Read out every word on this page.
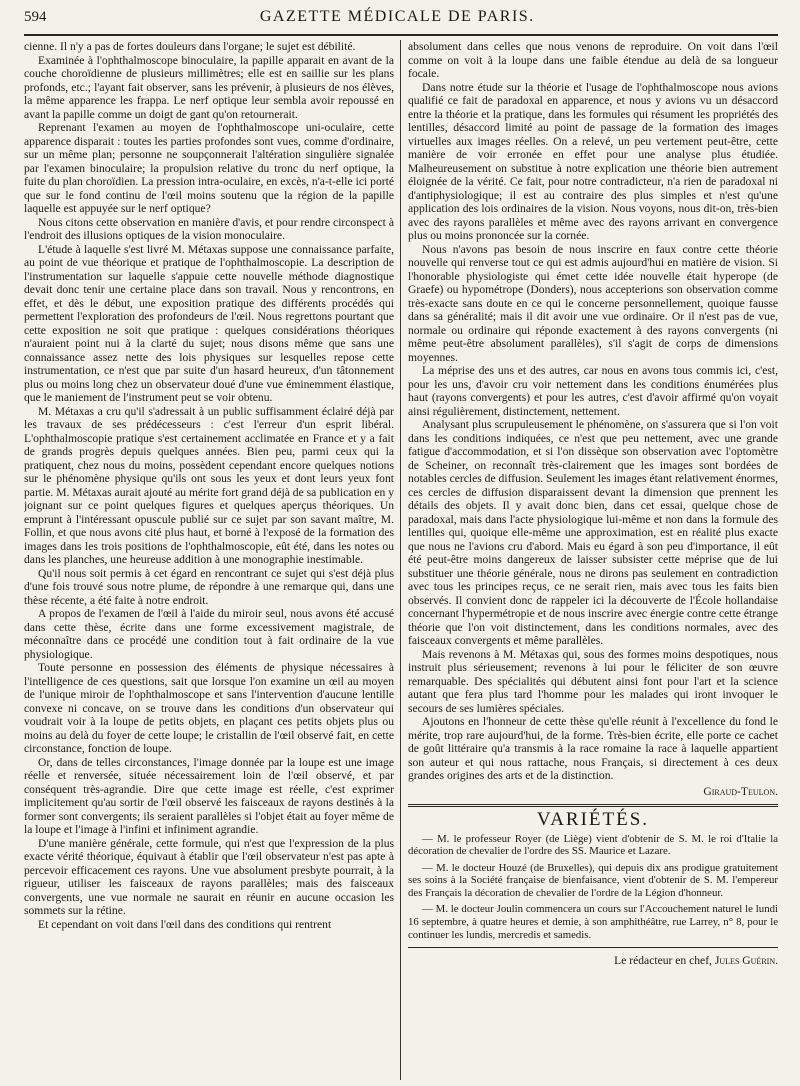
594	GAZETTE MÉDICALE DE PARIS.

cienne. Il n'y a pas de fortes douleurs dans l'organe; le sujet est débilité.

Examinée à l'ophthalmoscope binoculaire, la papille apparait en avant de la couche choroïdienne de plusieurs millimètres; elle est en saillie sur les plans profonds, etc.; l'ayant fait observer, sans les prévenir, à plusieurs de nos élèves, la même apparence les frappa. Le nerf optique leur sembla avoir repoussé en avant la papille comme un doigt de gant qu'on retournerait.

Reprenant l'examen au moyen de l'ophthalmoscope uni-oculaire, cette apparence disparait : toutes les parties profondes sont vues, comme d'ordinaire, sur un même plan; personne ne soupçonnerait l'altération singulière signalée par l'examen binoculaire; la propulsion relative du tronc du nerf optique, la fuite du plan choroïdien. La pression intra-oculaire, en excès, n'a-t-elle ici porté que sur le fond continu de l'œil moins soutenu que la région de la papille laquelle est appuyée sur le nerf optique?

Nous citons cette observation en manière d'avis, et pour rendre circonspect à l'endroit des illusions optiques de la vision monoculaire.

L'étude à laquelle s'est livré M. Métaxas suppose une connaissance parfaite, au point de vue théorique et pratique de l'ophthalmoscopie. La description de l'instrumentation sur laquelle s'appuie cette nouvelle méthode diagnostique devait donc tenir une certaine place dans son travail. Nous y rencontrons, en effet, et dès le début, une exposition pratique des différents procédés qui permettent l'exploration des profondeurs de l'œil. Nous regrettons pourtant que cette exposition ne soit que pratique : quelques considérations théoriques n'auraient point nui à la clarté du sujet; nous disons même que sans une connaissance assez nette des lois physiques sur lesquelles repose cette instrumentation, ce n'est que par suite d'un hasard heureux, d'un tâtonnement plus ou moins long chez un observateur doué d'une vue éminemment élastique, que le maniement de l'instrument peut se voir obtenu.

M. Métaxas a cru qu'il s'adressait à un public suffisamment éclairé déjà par les travaux de ses prédécesseurs : c'est l'erreur d'un esprit libéral. L'ophthalmoscopie pratique s'est certainement acclimatée en France et y a fait de grands progrès depuis quelques années. Bien peu, parmi ceux qui la pratiquent, chez nous du moins, possèdent cependant encore quelques notions sur le phénomène physique qu'ils ont sous les yeux et dont leurs yeux font partie. M. Métaxas aurait ajouté au mérite fort grand déjà de sa publication en y joignant sur ce point quelques figures et quelques aperçus théoriques. Un emprunt à l'intéressant opuscule publié sur ce sujet par son savant maître, M. Follin, et que nous avons cité plus haut, et borné à l'exposé de la formation des images dans les trois positions de l'ophthalmoscopie, eût été, dans les notes ou dans les planches, une heureuse addition à une monographie inestimable.

Qu'il nous soit permis à cet égard en rencontrant ce sujet qui s'est déjà plus d'une fois trouvé sous notre plume, de répondre à une remarque qui, dans une thèse récente, a été faite à notre endroit.

A propos de l'examen de l'œil à l'aide du miroir seul, nous avons été accusé dans cette thèse, écrite dans une forme excessivement magistrale, de méconnaître dans ce procédé une condition tout à fait ordinaire de la vue physiologique.

Toute personne en possession des éléments de physique nécessaires à l'intelligence de ces questions, sait que lorsque l'on examine un œil au moyen de l'unique miroir de l'ophthalmoscope et sans l'intervention d'aucune lentille convexe ni concave, on se trouve dans les conditions d'un observateur qui voudrait voir à la loupe de petits objets, en plaçant ces petits objets plus ou moins au delà du foyer de cette loupe; le cristallin de l'œil observé fait, en cette circonstance, fonction de loupe.

Or, dans de telles circonstances, l'image donnée par la loupe est une image réelle et renversée, située nécessairement loin de l'œil observé, et par conséquent très-agrandie. Dire que cette image est réelle, c'est exprimer implicitement qu'au sortir de l'œil observé les faisceaux de rayons destinés à la former sont convergents; ils seraient parallèles si l'objet était au foyer même de la loupe et l'image à l'infini et infiniment agrandie.

D'une manière générale, cette formule, qui n'est que l'expression de la plus exacte vérité théorique, équivaut à établir que l'œil observateur n'est pas apte à percevoir efficacement ces rayons. Une vue absolument presbyte pourrait, à la rigueur, utiliser les faisceaux de rayons parallèles; mais des faisceaux convergents, une vue normale ne saurait en réunir en aucune occasion les sommets sur la rétine.

Et cependant on voit dans l'œil dans des conditions qui rentrent

absolument dans celles que nous venons de reproduire. On voit dans l'œil comme on voit à la loupe dans une faible étendue au delà de sa longueur focale.

Dans notre étude sur la théorie et l'usage de l'ophthalmoscope nous avions qualifié ce fait de paradoxal en apparence, et nous y avions vu un désaccord entre la théorie et la pratique, dans les formules qui résument les propriétés des lentilles, désaccord limité au point de passage de la formation des images virtuelles aux images réelles. On a relevé, un peu vertement peut-être, cette manière de voir erronée en effet pour une analyse plus étudiée. Malheureusement on substitue à notre explication une théorie bien autrement éloignée de la vérité. Ce fait, pour notre contradicteur, n'a rien de paradoxal ni d'antiphysiologique; il est au contraire des plus simples et n'est qu'une application des lois ordinaires de la vision. Nous voyons, nous dit-on, très-bien avec des rayons parallèles et même avec des rayons arrivant en convergence plus ou moins prononcée sur la cornée.

Nous n'avons pas besoin de nous inscrire en faux contre cette théorie nouvelle qui renverse tout ce qui est admis aujourd'hui en matière de vision. Si l'honorable physiologiste qui émet cette idée nouvelle était hyperope (de Graefe) ou hypométrope (Donders), nous accepterions son observation comme très-exacte sans doute en ce qui le concerne personnellement, quoique fausse dans sa généralité; mais il dit avoir une vue ordinaire. Or il n'est pas de vue, normale ou ordinaire qui réponde exactement à des rayons convergents (ni même peut-être absolument parallèles), s'il s'agit de corps de dimensions moyennes.

La méprise des uns et des autres, car nous en avons tous commis ici, c'est, pour les uns, d'avoir cru voir nettement dans les conditions énumérées plus haut (rayons convergents) et pour les autres, c'est d'avoir affirmé qu'on voyait ainsi régulièrement, distinctement, nettement.

Analysant plus scrupuleusement le phénomène, on s'assurera que si l'on voit dans les conditions indiquées, ce n'est que peu nettement, avec une grande fatigue d'accommodation, et si l'on dissèque son observation avec l'optomètre de Scheiner, on reconnaît très-clairement que les images sont bordées de notables cercles de diffusion. Seulement les images étant relativement énormes, ces cercles de diffusion disparaissent devant la dimension que prennent les détails des objets. Il y avait donc bien, dans cet essai, quelque chose de paradoxal, mais dans l'acte physiologique lui-même et non dans la formule des lentilles qui, quoique elle-même une approximation, est en réalité plus exacte que nous ne l'avions cru d'abord. Mais eu égard à son peu d'importance, il eût été peut-être moins dangereux de laisser subsister cette méprise que de lui substituer une théorie générale, nous ne dirons pas seulement en contradiction avec tous les principes reçus, ce ne serait rien, mais avec tous les faits bien observés. Il convient donc de rappeler ici la découverte de l'École hollandaise concernant l'hypermétropie et de nous inscrire avec énergie contre cette étrange théorie que l'on voit distinctement, dans les conditions normales, avec des faisceaux convergents et même parallèles.

Mais revenons à M. Métaxas qui, sous des formes moins despotiques, nous instruit plus sérieusement; revenons à lui pour le féliciter de son œuvre remarquable. Des spécialités qui débutent ainsi font pour l'art et la science autant que fera plus tard l'homme pour les malades qui iront invoquer le secours de ses lumières spéciales.

Ajoutons en l'honneur de cette thèse qu'elle réunit à l'excellence du fond le mérite, trop rare aujourd'hui, de la forme. Très-bien écrite, elle porte ce cachet de goût littéraire qu'a transmis à la race romaine la race à laquelle appartient son auteur et qui nous rattache, nous Français, si directement à ces deux grandes origines des arts et de la distinction.

Giraud-Teulon.
VARIÉTÉS.

— M. le professeur Royer (de Liège) vient d'obtenir de S. M. le roi d'Italie la décoration de chevalier de l'ordre des SS. Maurice et Lazare.

— M. le docteur Houzé (de Bruxelles), qui depuis dix ans prodigue gratuitement ses soins à la Société française de bienfaisance, vient d'obtenir de S. M. l'empereur des Français la décoration de chevalier de l'ordre de la Légion d'honneur.

— M. le docteur Joulin commencera un cours sur l'Accouchement naturel le lundi 16 septembre, à quatre heures et demie, à son amphithéâtre, rue Larrey, n° 8, pour le continuer les lundis, mercredis et samedis.

Le rédacteur en chef, Jules Guérin.
